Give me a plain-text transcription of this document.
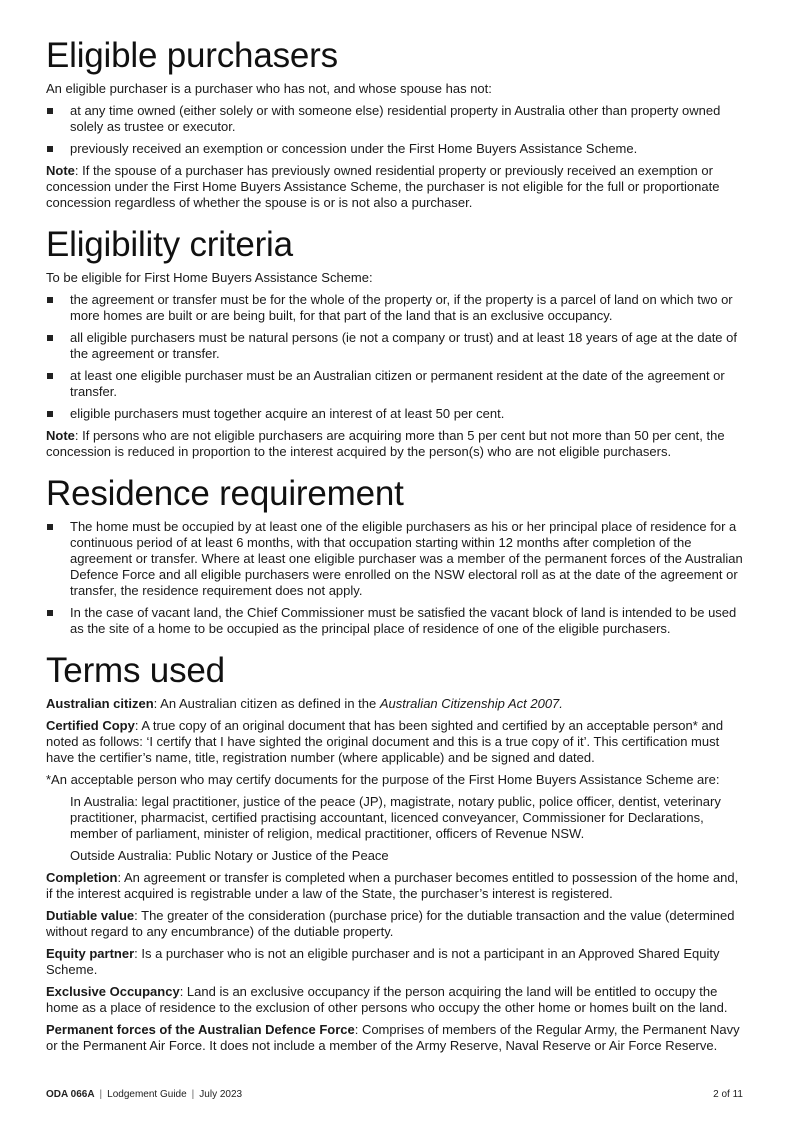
Eligible purchasers

An eligible purchaser is a purchaser who has not, and whose spouse has not:

at any time owned (either solely or with someone else) residential property in Australia other than property owned solely as trustee or executor.
previously received an exemption or concession under the First Home Buyers Assistance Scheme.

Note: If the spouse of a purchaser has previously owned residential property or previously received an exemption or concession under the First Home Buyers Assistance Scheme, the purchaser is not eligible for the full or proportionate concession regardless of whether the spouse is or is not also a purchaser.

Eligibility criteria

To be eligible for First Home Buyers Assistance Scheme:

the agreement or transfer must be for the whole of the property or, if the property is a parcel of land on which two or more homes are built or are being built, for that part of the land that is an exclusive occupancy.
all eligible purchasers must be natural persons (ie not a company or trust) and at least 18 years of age at the date of the agreement or transfer.
at least one eligible purchaser must be an Australian citizen or permanent resident at the date of the agreement or transfer.
eligible purchasers must together acquire an interest of at least 50 per cent.

Note: If persons who are not eligible purchasers are acquiring more than 5 per cent but not more than 50 per cent, the concession is reduced in proportion to the interest acquired by the person(s) who are not eligible purchasers.

Residence requirement
The home must be occupied by at least one of the eligible purchasers as his or her principal place of residence for a continuous period of at least 6 months, with that occupation starting within 12 months after completion of the agreement or transfer. Where at least one eligible purchaser was a member of the permanent forces of the Australian Defence Force and all eligible purchasers were enrolled on the NSW electoral roll as at the date of the agreement or transfer, the residence requirement does not apply.
In the case of vacant land, the Chief Commissioner must be satisfied the vacant block of land is intended to be used as the site of a home to be occupied as the principal place of residence of one of the eligible purchasers.
Terms used

Australian citizen: An Australian citizen as defined in the Australian Citizenship Act 2007.

Certified Copy: A true copy of an original document that has been sighted and certified by an acceptable person* and noted as follows: ‘I certify that I have sighted the original document and this is a true copy of it’. This certification must have the certifier’s name, title, registration number (where applicable) and be signed and dated.

*An acceptable person who may certify documents for the purpose of the First Home Buyers Assistance Scheme are:

In Australia: legal practitioner, justice of the peace (JP), magistrate, notary public, police officer, dentist, veterinary practitioner, pharmacist, certified practising accountant, licenced conveyancer, Commissioner for Declarations, member of parliament, minister of religion, medical practitioner, officers of Revenue NSW.

Outside Australia: Public Notary or Justice of the Peace

Completion: An agreement or transfer is completed when a purchaser becomes entitled to possession of the home and, if the interest acquired is registrable under a law of the State, the purchaser’s interest is registered.

Dutiable value: The greater of the consideration (purchase price) for the dutiable transaction and the value (determined without regard to any encumbrance) of the dutiable property.

Equity partner: Is a purchaser who is not an eligible purchaser and is not a participant in an Approved Shared Equity Scheme.

Exclusive Occupancy: Land is an exclusive occupancy if the person acquiring the land will be entitled to occupy the home as a place of residence to the exclusion of other persons who occupy the other home or homes built on the land.

Permanent forces of the Australian Defence Force: Comprises of members of the Regular Army, the Permanent Navy or the Permanent Air Force. It does not include a member of the Army Reserve, Naval Reserve or Air Force Reserve.

ODA 066A | Lodgement Guide | July 2023	2 of 11
